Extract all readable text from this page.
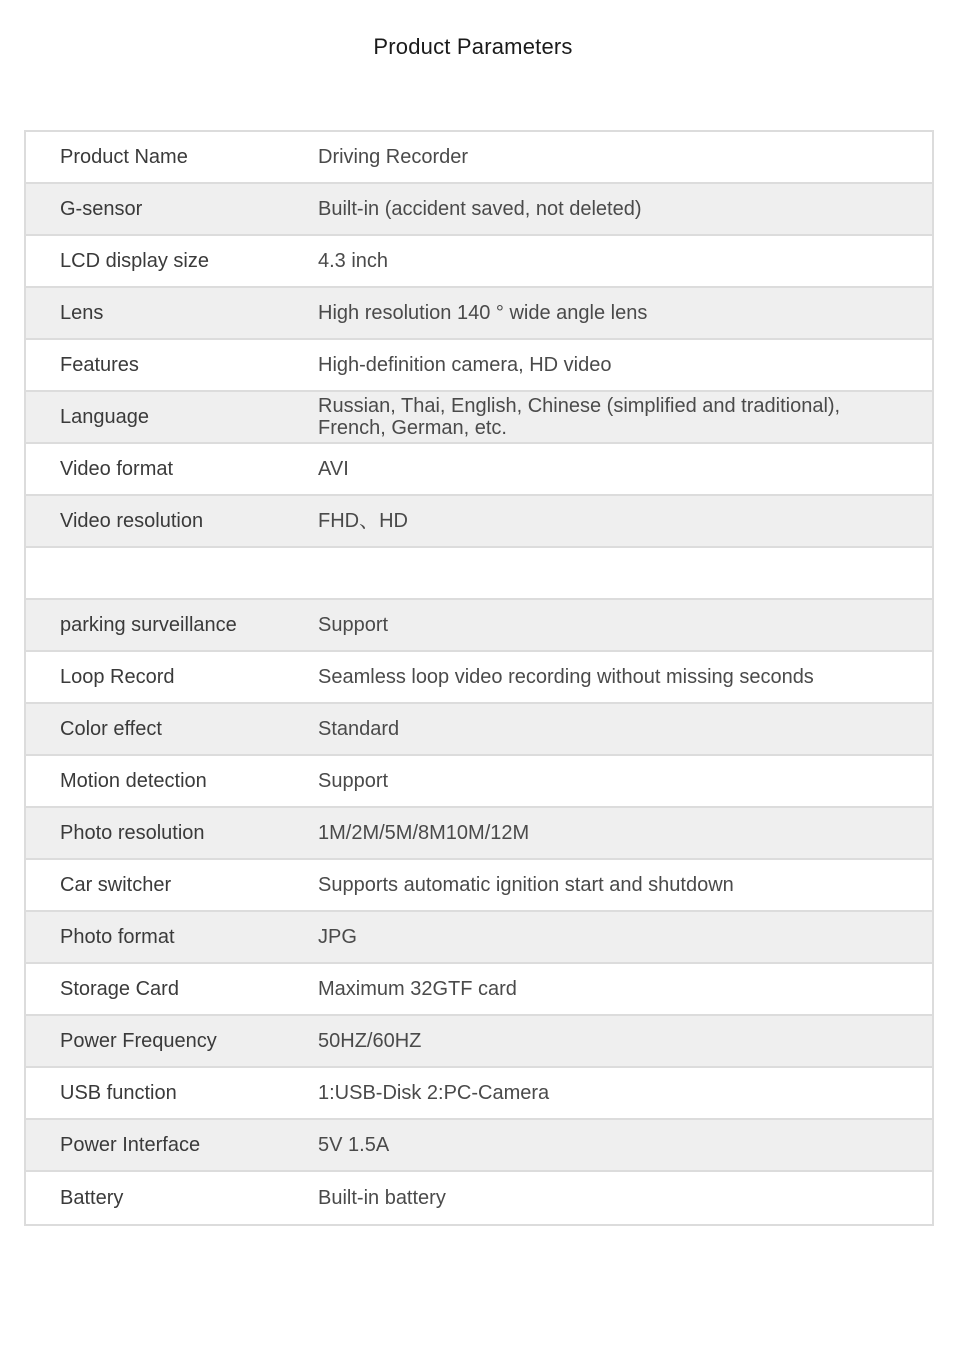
Product Parameters
Product Name	Driving Recorder
G-sensor	Built-in (accident saved, not deleted)
LCD display size	4.3 inch
Lens	High resolution 140 ° wide angle lens
Features	High-definition camera, HD video
Language	Russian, Thai, English, Chinese (simplified and traditional), French, German, etc.
Video format	AVI
Video resolution	FHD、HD
parking surveillance	Support
Loop Record	Seamless loop video recording without missing seconds
Color effect	Standard
Motion detection	Support
Photo resolution	1M/2M/5M/8M10M/12M
Car switcher	Supports automatic ignition start and shutdown
Photo format	JPG
Storage Card	Maximum 32GTF card
Power Frequency	50HZ/60HZ
USB function	1:USB-Disk 2:PC-Camera
Power Interface	5V 1.5A
Battery	Built-in battery
